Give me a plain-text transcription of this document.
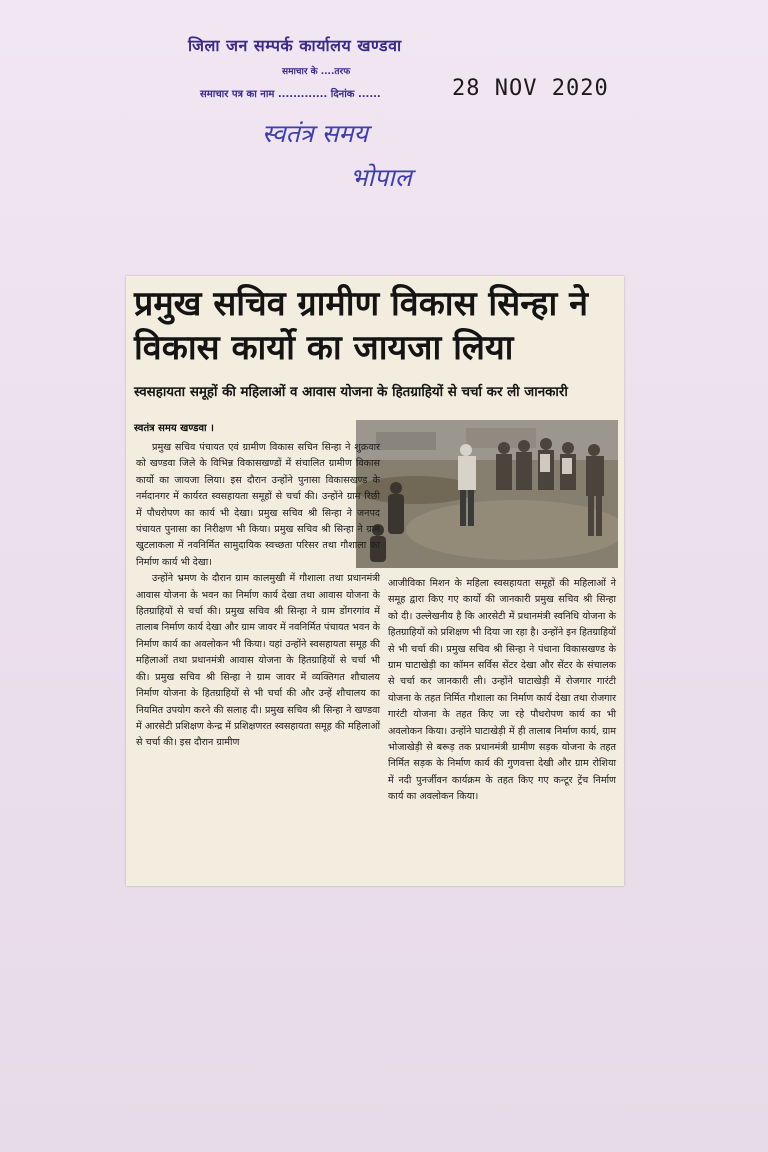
जिला जन सम्पर्क कार्यालय खण्डवा
समाचार के ....तरफ
समाचार पत्र का नाम ............. दिनांक ......	28 NOV 2020
स्वतंत्र समय
भोपाल
प्रमुख सचिव ग्रामीण विकास सिन्हा ने विकास कार्यो का जायजा लिया
स्वसहायता समूहों की महिलाओं व आवास योजना के हितग्राहियों से चर्चा कर ली जानकारी
स्वतंत्र समय खण्डवा ।

प्रमुख सचिव पंचायत एवं ग्रामीण विकास सचिन सिन्हा ने शुक्रवार को खण्डवा जिले के विभिन्न विकासखण्डों में संचालित ग्रामीण विकास कार्यो का जायजा लिया। इस दौरान उन्होंने पुनासा विकासखण्ड के नर्मदानगर में कार्यरत स्वसहायता समूहों से चर्चा की। उन्होंने ग्राम रिछी में पौधरोपण का कार्य भी देखा। प्रमुख सचिव श्री सिन्हा ने जनपद पंचायत पुनासा का निरीक्षण भी किया। प्रमुख सचिव श्री सिन्हा ने ग्राम खुटलाकला में नवनिर्मित सामुदायिक स्वच्छता परिसर तथा गौशाला का निर्माण कार्य भी देखा।

उन्होंने भ्रमण के दौरान ग्राम कालमुखी में गौशाला तथा प्रधानमंत्री आवास योजना के भवन का निर्माण कार्य देखा तथा आवास योजना के हितग्राहियों से चर्चा की। प्रमुख सचिव श्री सिन्हा ने ग्राम डोंगरगांव में तालाब निर्माण कार्य देखा और ग्राम जावर में नवनिर्मित पंचायत भवन के निर्माण कार्य का अवलोकन भी किया। यहां उन्होंने स्वसहायता समूह की महिलाओं तथा प्रधानमंत्री आवास योजना के हितग्राहियों से चर्चा भी की। प्रमुख सचिव श्री सिन्हा ने ग्राम जावर में व्यक्तिगत शौचालय निर्माण योजना के हितग्राहियों से भी चर्चा की और उन्हें शौचालय का नियमित उपयोग करने की सलाह दी। प्रमुख सचिव श्री सिन्हा ने खण्डवा में आरसेटी प्रशिक्षण केन्द्र में प्रशिक्षणरत स्वसहायता समूह की महिलाओं से चर्चा की। इस दौरान ग्रामीण

आजीविका मिशन के महिला स्वसहायता समूहों की महिलाओं ने समूह द्वारा किए गए कार्यो की जानकारी प्रमुख सचिव श्री सिन्हा को दी। उल्लेखनीय है कि आरसेटी में प्रधानमंत्री स्वनिधि योजना के हितग्राहियों को प्रशिक्षण भी दिया जा रहा है। उन्होंने इन हितग्राहियों से भी चर्चा की। प्रमुख सचिव श्री सिन्हा ने पंधाना विकासखण्ड के ग्राम घाटाखेड़ी का कॉमन सर्विस सेंटर देखा और सेंटर के संचालक से चर्चा कर जानकारी ली। उन्होंने घाटाखेड़ी में रोजगार गारंटी योजना के तहत निर्मित गौशाला का निर्माण कार्य देखा तथा रोजगार गारंटी योजना के तहत किए जा रहे पौधरोपण कार्य का भी अवलोकन किया। उन्होंने घाटाखेड़ी में ही तालाब निर्माण कार्य, ग्राम भोजाखेड़ी से बरूड़ तक प्रधानमंत्री ग्रामीण सड़क योजना के तहत निर्मित सड़क के निर्माण कार्य की गुणवत्ता देखी और ग्राम रोशिया में नदी पुनर्जीवन कार्यक्रम के तहत किए गए कन्टूर ट्रेंच निर्माण कार्य का अवलोकन किया।
